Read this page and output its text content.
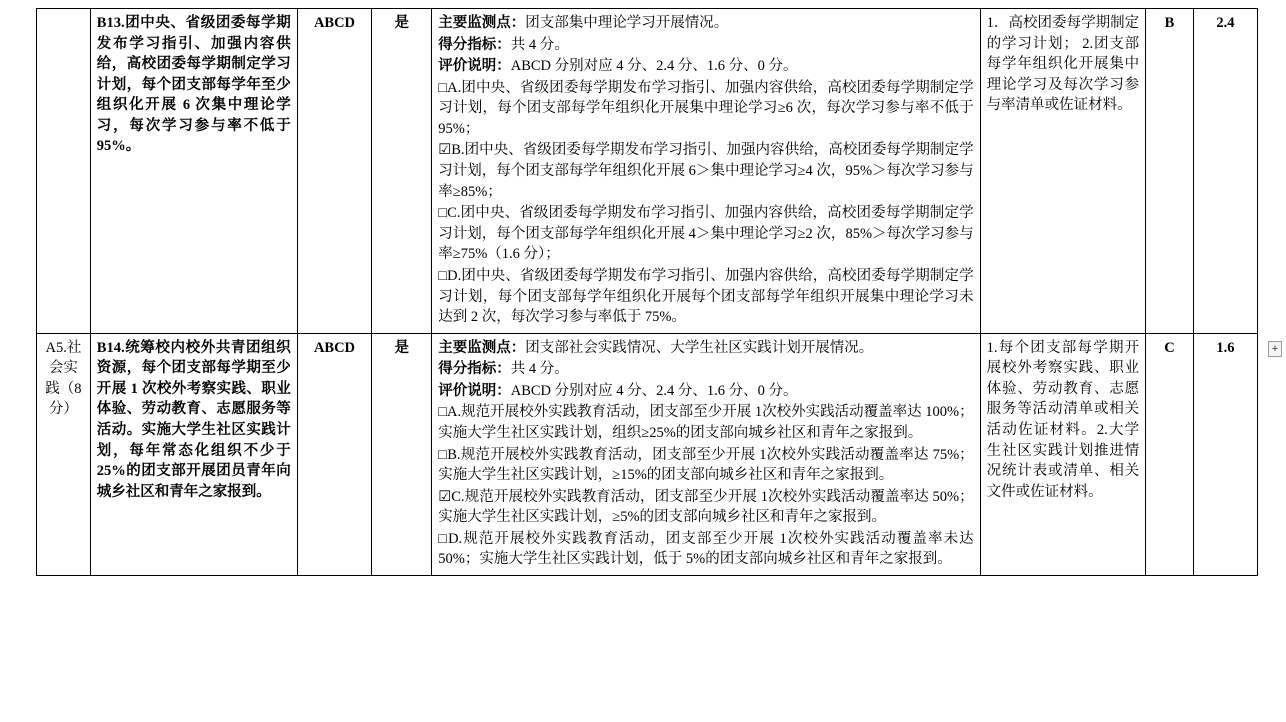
	B13.团中央、省级团委每学期发布学习指引、加强内容供给，高校团委每学期制定学习计划，每个团支部每学年至少组织化开展 6 次集中理论学习，每次学习参与率不低于 95%。	ABCD	是	主要监测点：团支部集中理论学习开展情况。

得分指标：共 4 分。

评价说明：ABCD 分别对应 4 分、2.4 分、1.6 分、0 分。

□A.团中央、省级团委每学期发布学习指引、加强内容供给，高校团委每学期制定学习计划，每个团支部每学年组织化开展集中理论学习≥6 次，每次学习参与率不低于 95%；

☑B.团中央、省级团委每学期发布学习指引、加强内容供给，高校团委每学期制定学习计划，每个团支部每学年组织化开展 6＞集中理论学习≥4 次，95%＞每次学习参与率≥85%；

□C.团中央、省级团委每学期发布学习指引、加强内容供给，高校团委每学期制定学习计划，每个团支部每学年组织化开展 4＞集中理论学习≥2 次，85%＞每次学习参与率≥75%（1.6 分）；

□D.团中央、省级团委每学期发布学习指引、加强内容供给，高校团委每学期制定学习计划，每个团支部每学年组织化开展每个团支部每学年组织开展集中理论学习未达到 2 次，每次学习参与率低于 75%。

	1．高校团委每学期制定的学习计划； 2.团支部每学年组织化开展集中理论学习及每次学习参与率清单或佐证材料。	B	2.4
A5.社会实践（8 分）	B14.统筹校内校外共青团组织资源，每个团支部每学期至少开展 1 次校外考察实践、职业体验、劳动教育、志愿服务等活动。实施大学生社区实践计划，每年常态化组织不少于 25%的团支部开展团员青年向城乡社区和青年之家报到。	ABCD	是	主要监测点：团支部社会实践情况、大学生社区实践计划开展情况。

得分指标：共 4 分。

评价说明：ABCD 分别对应 4 分、2.4 分、1.6 分、0 分。

□A.规范开展校外实践教育活动，团支部至少开展 1次校外实践活动覆盖率达 100%；实施大学生社区实践计划，组织≥25%的团支部向城乡社区和青年之家报到。

□B.规范开展校外实践教育活动，团支部至少开展 1次校外实践活动覆盖率达 75%；实施大学生社区实践计划，≥15%的团支部向城乡社区和青年之家报到。

☑C.规范开展校外实践教育活动，团支部至少开展 1次校外实践活动覆盖率达 50%；实施大学生社区实践计划，≥5%的团支部向城乡社区和青年之家报到。

□D.规范开展校外实践教育活动，团支部至少开展 1次校外实践活动覆盖率未达 50%；实施大学生社区实践计划，低于 5%的团支部向城乡社区和青年之家报到。

	1.每个团支部每学期开展校外考察实践、职业体验、劳动教育、志愿服务等活动清单或相关活动佐证材料。2.大学生社区实践计划推进情况统计表或清单、相关文件或佐证材料。	C	1.6	+
